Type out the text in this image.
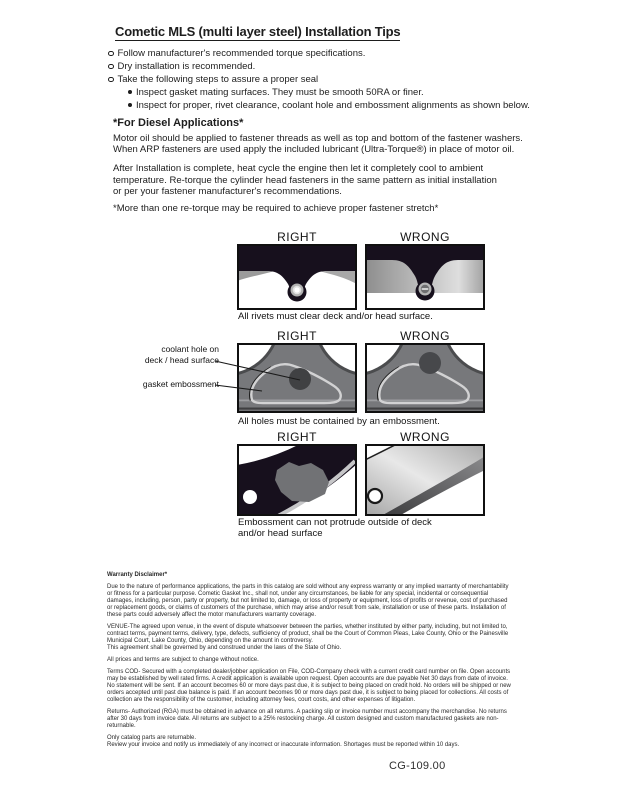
Cometic MLS (multi layer steel) Installation Tips
Follow manufacturer's recommended torque specifications.
Dry installation is recommended.
Take the following steps to assure a proper seal
Inspect gasket mating surfaces. They must be smooth 50RA or finer.
Inspect for proper, rivet clearance, coolant hole and embossment alignments as shown below.
*For Diesel Applications*
Motor oil should be applied to fastener threads as well as top and bottom of the fastener washers.
When ARP fasteners are used apply the included lubricant (Ultra-Torque®) in place of motor oil.
After Installation is complete, heat cycle the engine then let it completely cool to ambient
temperature. Re-torque the cylinder head fasteners in the same pattern as initial installation
or per your fastener manufacturer's recommendations.
*More than one re-torque may be required to achieve proper fastener stretch*
RIGHT	WRONG
All rivets must clear deck and/or head surface.
RIGHT	WRONG
All holes must be contained by an embossment.
coolant hole on
deck / head surface
gasket embossment
RIGHT	WRONG
Embossment can not protrude outside of deck
and/or head surface

Warranty Disclaimer*

Due to the nature of performance applications, the parts in this catalog are sold without any express warranty or any implied warranty of merchantability or fitness for a particular purpose. Cometic Gasket Inc., shall not, under any circumstances, be liable for any special, incidental or consequential damages, including, person, party or property, but not limited to, damage, or loss of property or equipment, loss of profits or revenue, cost of purchased or replacement goods, or claims of customers of the purchase, which may arise and/or result from sale, installation or use of these parts. Installation of these parts could adversely affect the motor manufacturers warranty coverage.

VENUE-The agreed upon venue, in the event of dispute whatsoever between the parties, whether instituted by either party, including, but not limited to, contract terms, payment terms, delivery, type, defects, sufficiency of product, shall be the Court of Common Pleas, Lake County, Ohio or the Painesville Municipal Court, Lake County, Ohio, depending on the amount in controversy.

This agreement shall be governed by and construed under the laws of the State of Ohio.

All prices and terms are subject to change without notice.

Terms COD- Secured with a completed dealer/jobber application on File, COD-Company check with a current credit card number on file. Open accounts may be established by well rated firms. A credit application is available upon request. Open accounts are due payable Net 30 days from date of invoice. No statement will be sent. If an account becomes 60 or more days past due, it is subject to being placed on credit hold. No orders will be shipped or new orders accepted until past due balance is paid. If an account becomes 90 or more days past due, it is subject to being placed for collections. All costs of collection are the responsibility of the customer, including attorney fees, court costs, and other expenses of litigation.

Returns- Authorized (RGA) must be obtained in advance on all returns. A packing slip or invoice number must accompany the merchandise. No returns after 30 days from invoice date. All returns are subject to a 25% restocking charge. All custom designed and custom manufactured gaskets are non-returnable.

Only catalog parts are returnable.

Review your invoice and notify us immediately of any incorrect or inaccurate information. Shortages must be reported within 10 days.

CG-109.00
